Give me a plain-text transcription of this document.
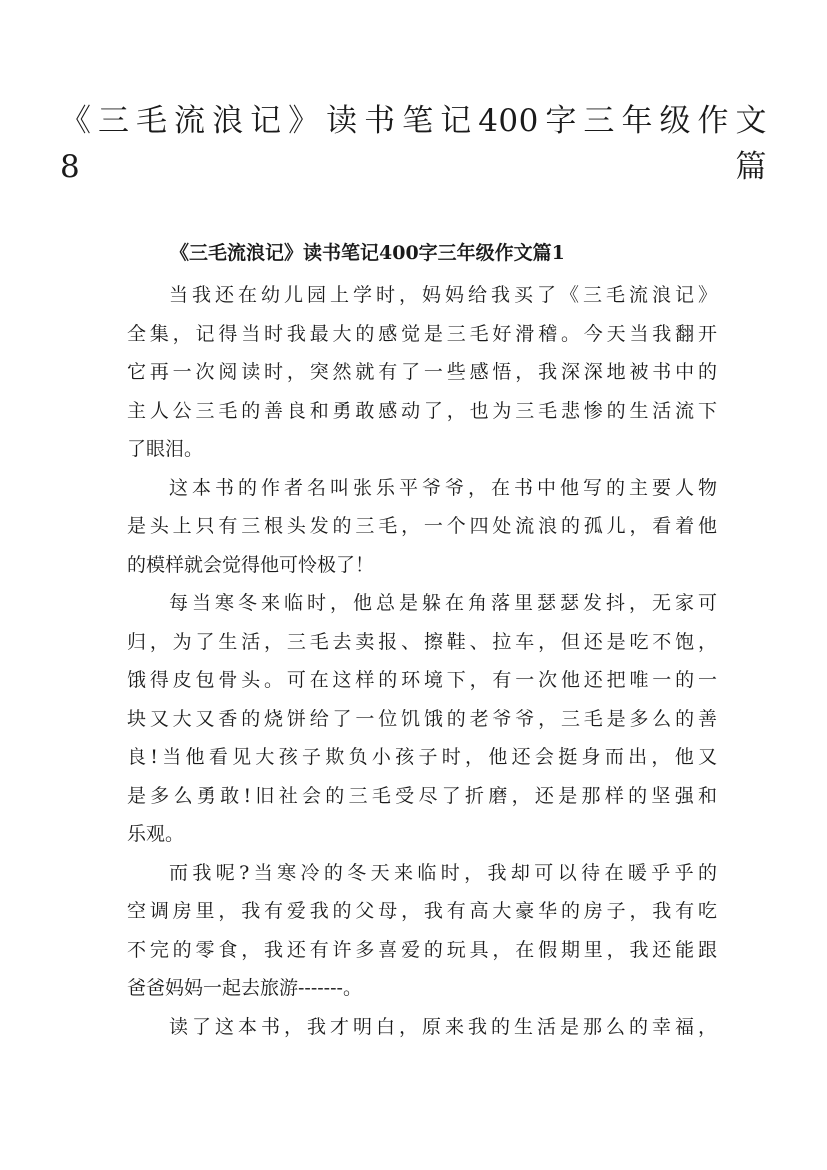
《三毛流浪记》读书笔记400字三年级作文
8篇
《三毛流浪记》读书笔记400字三年级作文篇1

当我还在幼儿园上学时，妈妈给我买了《三毛流浪记》
全集，记得当时我最大的感觉是三毛好滑稽。今天当我翻开
它再一次阅读时，突然就有了一些感悟，我深深地被书中的
主人公三毛的善良和勇敢感动了，也为三毛悲惨的生活流下
了眼泪。

这本书的作者名叫张乐平爷爷，在书中他写的主要人物
是头上只有三根头发的三毛，一个四处流浪的孤儿，看着他
的模样就会觉得他可怜极了！

每当寒冬来临时，他总是躲在角落里瑟瑟发抖，无家可
归，为了生活，三毛去卖报、擦鞋、拉车，但还是吃不饱，
饿得皮包骨头。可在这样的环境下，有一次他还把唯一的一
块又大又香的烧饼给了一位饥饿的老爷爷，三毛是多么的善
良!当他看见大孩子欺负小孩子时，他还会挺身而出，他又
是多么勇敢!旧社会的三毛受尽了折磨，还是那样的坚强和
乐观。

而我呢?当寒冷的冬天来临时，我却可以待在暖乎乎的
空调房里，我有爱我的父母，我有高大豪华的房子，我有吃
不完的零食，我还有许多喜爱的玩具，在假期里，我还能跟
爸爸妈妈一起去旅游-------。

读了这本书，我才明白，原来我的生活是那么的幸福，
